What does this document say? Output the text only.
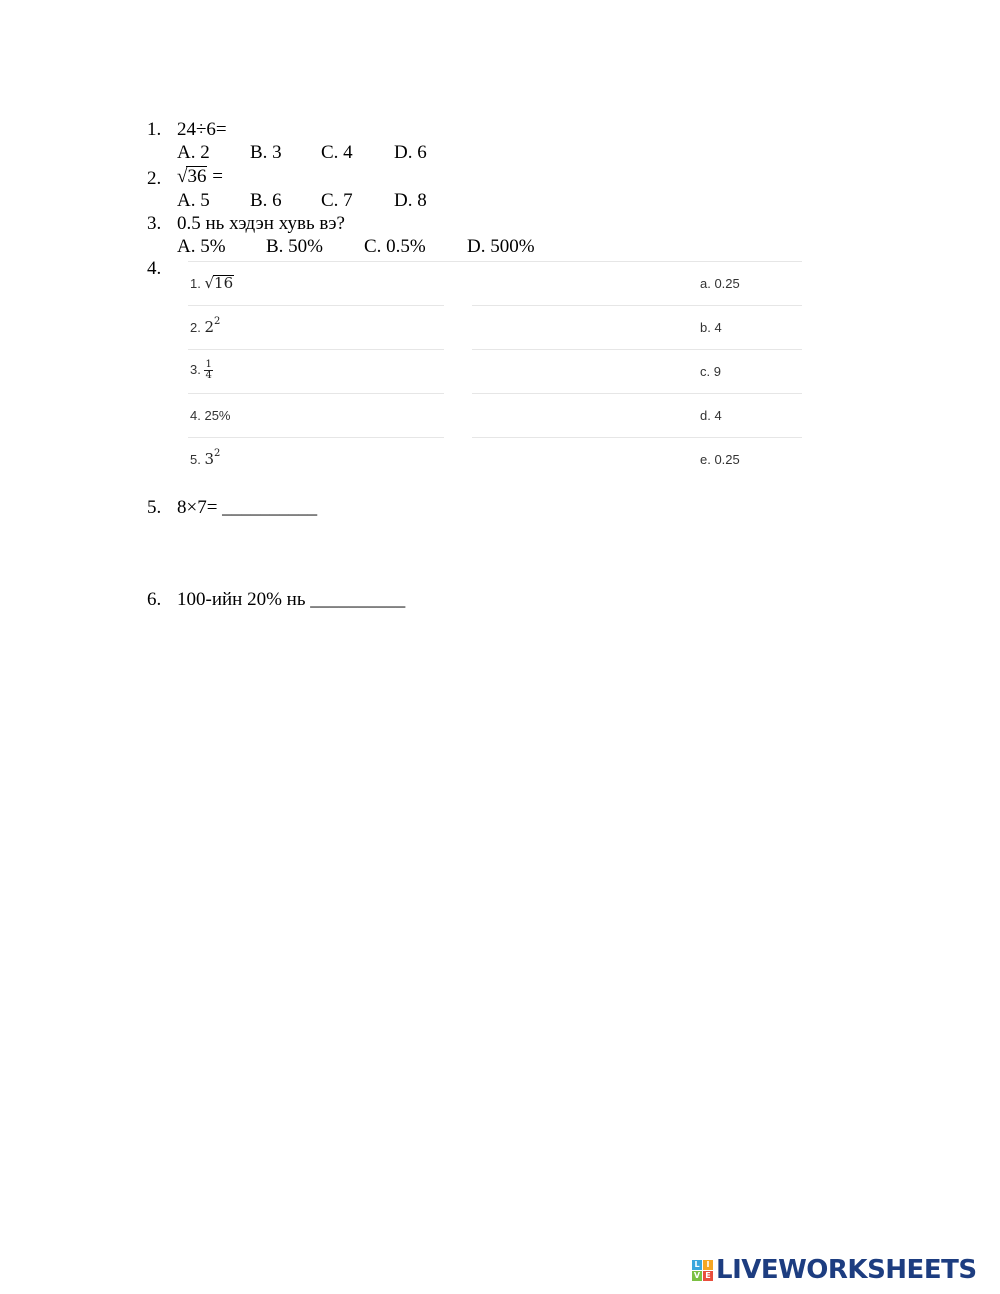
1. 24÷6=
A. 2 B. 3 C. 4 D. 6
2. √36 =
A. 5 B. 6 C. 7 D. 8
3. 0.5 нь хэдэн хувь вэ?
A. 5% B. 50% C. 0.5% D. 500%
4.
1. √16	a. 0.25
2. $2^2$	b. 4
3. $\frac{1}{4}$	c. 9
4. 25%	d. 4
5. $3^2$	e. 0.25
5. 8×7= __________
6. 100-ийн 20% нь __________
L I
V E LIVEWORKSHEETS
